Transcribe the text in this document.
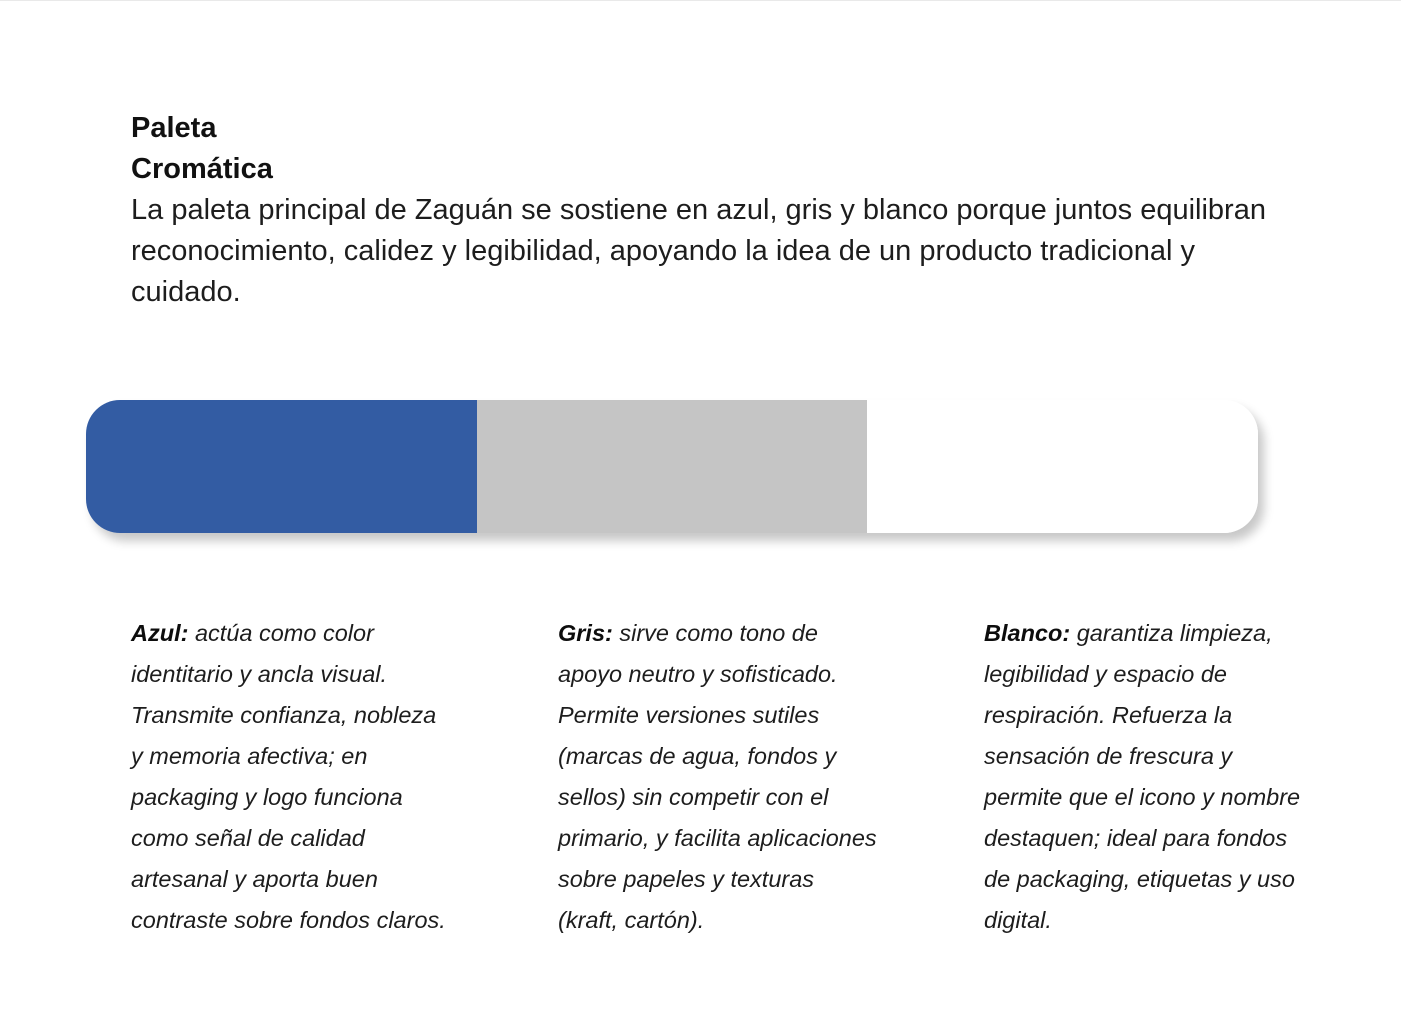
Paleta
Cromática

La paleta principal de Zaguán se sostiene en azul, gris y blanco porque juntos equilibran reconocimiento, calidez y legibilidad, apoyando la idea de un producto tradicional y cuidado.

Azul: actúa como color identitario y ancla visual. Transmite confianza, nobleza y memoria afectiva; en packaging y logo funciona como señal de calidad artesanal y aporta buen contraste sobre fondos claros.
Gris: sirve como tono de apoyo neutro y sofisticado. Permite versiones sutiles (marcas de agua, fondos y sellos) sin competir con el primario, y facilita aplicaciones sobre papeles y texturas (kraft, cartón).
Blanco: garantiza limpieza, legibilidad y espacio de respiración. Refuerza la sensación de frescura y permite que el icono y nombre destaquen; ideal para fondos de packaging, etiquetas y uso digital.
